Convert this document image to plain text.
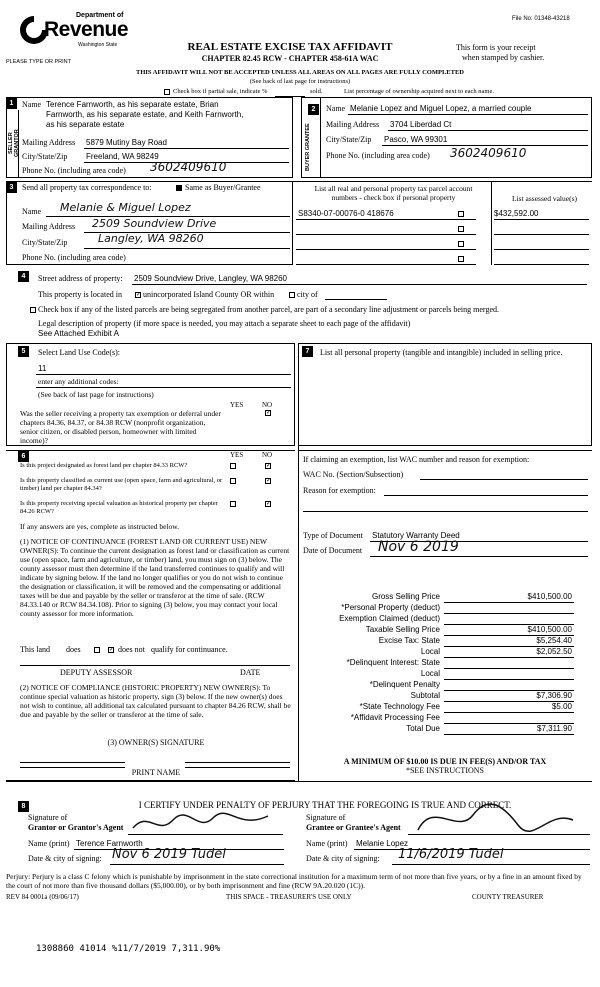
File No: 01348-43218
Department of
Revenue
Washington State
PLEASE TYPE OR PRINT
REAL ESTATE EXCISE TAX AFFIDAVIT
CHAPTER 82.45 RCW - CHAPTER 458-61A WAC
This form is your receipt
when stamped by cashier.
THIS AFFIDAVIT WILL NOT BE ACCEPTED UNLESS ALL AREAS ON ALL PAGES ARE FULLY COMPLETED
(See back of last page for instructions)
Check box if partial sale, indicate %	sold.	List percentage of ownership acquired next to each name.
1
SELLER GRANTOR
Name Terence Farnworth, as his separate estate, Brian
Farnworth, as his separate estate, and Keith Farnworth,
as his separate estate
Mailing Address 5879 Mutiny Bay Road
City/State/Zip Freeland, WA 98249
Phone No. (including area code) 3602409610
2
BUYER GRANTEE
Name Melanie Lopez and Miguel Lopez, a married couple
Mailing Address 3704 Liberdad Ct
City/State/Zip Pasco, WA 99301
Phone No. (including area code) 3602409610
3	Send all property tax correspondence to:	Same as Buyer/Grantee
Name Melanie & Miguel Lopez
Mailing Address 2509 Soundview Drive
City/State/Zip	Langley, WA 98260
Phone No. (including area code)
List all real and personal property tax parcel account
numbers - check box if personal property	List assessed value(s)
S8340-07-00076-0 418676	$432,592.00
4	Street address of property: 2509 Soundview Drive, Langley, WA 98260
This property is located in ✓ unincorporated Island County OR within	city of
Check box if any of the listed parcels are being segregated from another parcel, are part of a secondary line adjustment or parcels being merged.
Legal description of property (if more space is needed, you may attach a separate sheet to each page of the affidavit)
See Attached Exhibit A
5	Select Land Use Code(s):
11
enter any additional codes:
(See back of last page for instructions)
YES	NO
Was the seller receiving a property tax exemption or deferral under chapters 84.36, 84.37, or 84.38 RCW (nonprofit organization, senior citizen, or disabled person, homeowner with limited income)?
✓
7	List all personal property (tangible and intangible) included in selling price.
6	YES	NO
Is this project designated as forest land per chapter 84.33 RCW?	✓
Is this property classified as current use (open space, farm and agricultural, or timber) land per chapter 84.34?
✓
Is this property receiving special valuation as historical property per chapter 84.26 RCW?
✓
If any answers are yes, complete as instructed below.
(1) NOTICE OF CONTINUANCE (FOREST LAND OR CURRENT USE) NEW OWNER(S): To continue the current designation as forest land or classification as current use (open space, farm and agriculture, or timber) land, you must sign on (3) below. The county assessor must then determine if the land transferred continues to qualify and will indicate by signing below. If the land no longer qualifies or you do not wish to continue the designation or classification, it will be removed and the compensating or additional taxes will be due and payable by the seller or transferor at the time of sale. (RCW 84.33.140 or RCW 84.34.108). Prior to signing (3) below, you may contact your local county assessor for more information.
This land does	✓ does not qualify for continuance.
DEPUTY ASSESSOR	DATE
(2) NOTICE OF COMPLIANCE (HISTORIC PROPERTY) NEW OWNER(S): To continue special valuation as historic property, sign (3) below. If the new owner(s) does not wish to continue, all additional tax calculated pursuant to chapter 84.26 RCW, shall be due and payable by the seller or transferor at the time of sale.
(3) OWNER(S) SIGNATURE
PRINT NAME
If claiming an exemption, list WAC number and reason for exemption:
WAC No. (Section/Subsection)
Reason for exemption:
Type of Document Statutory Warranty Deed
Date of Document Nov 6 2019
Gross Selling Price	$410,500.00
*Personal Property (deduct)
Exemption Claimed (deduct)
Taxable Selling Price	$410,500.00
Excise Tax: State	$5,254.40
Local	$2,052.50
*Delinquent Interest: State
Local
*Delinquent Penalty
Subtotal	$7,306.90
*State Technology Fee	$5.00
*Affidavit Processing Fee
Total Due	$7,311.90
A MINIMUM OF $10.00 IS DUE IN FEE(S) AND/OR TAX
*SEE INSTRUCTIONS
8	I CERTIFY UNDER PENALTY OF PERJURY THAT THE FOREGOING IS TRUE AND CORRECT.
Signature of
Grantor or Grantor's Agent
Name (print) Terence Farnworth
Date & city of signing: Nov 6 2019 Tudel
Signature of
Grantee or Grantee's Agent
Name (print) Melanie Lopez
Date & city of signing: 11/6/2019 Tudel
Perjury: Perjury is a class C felony which is punishable by imprisonment in the state correctional institution for a maximum term of not more than five years, or by a fine in an amount fixed by the court of not more than five thousand dollars ($5,000.00), or by both imprisonment and fine (RCW 9A.20.020 (1C)).
REV 84 0001a (09/06/17)	THIS SPACE - TREASURER'S USE ONLY	COUNTY TREASURER
1308860 41014 %11/7/2019 7,311.90%
